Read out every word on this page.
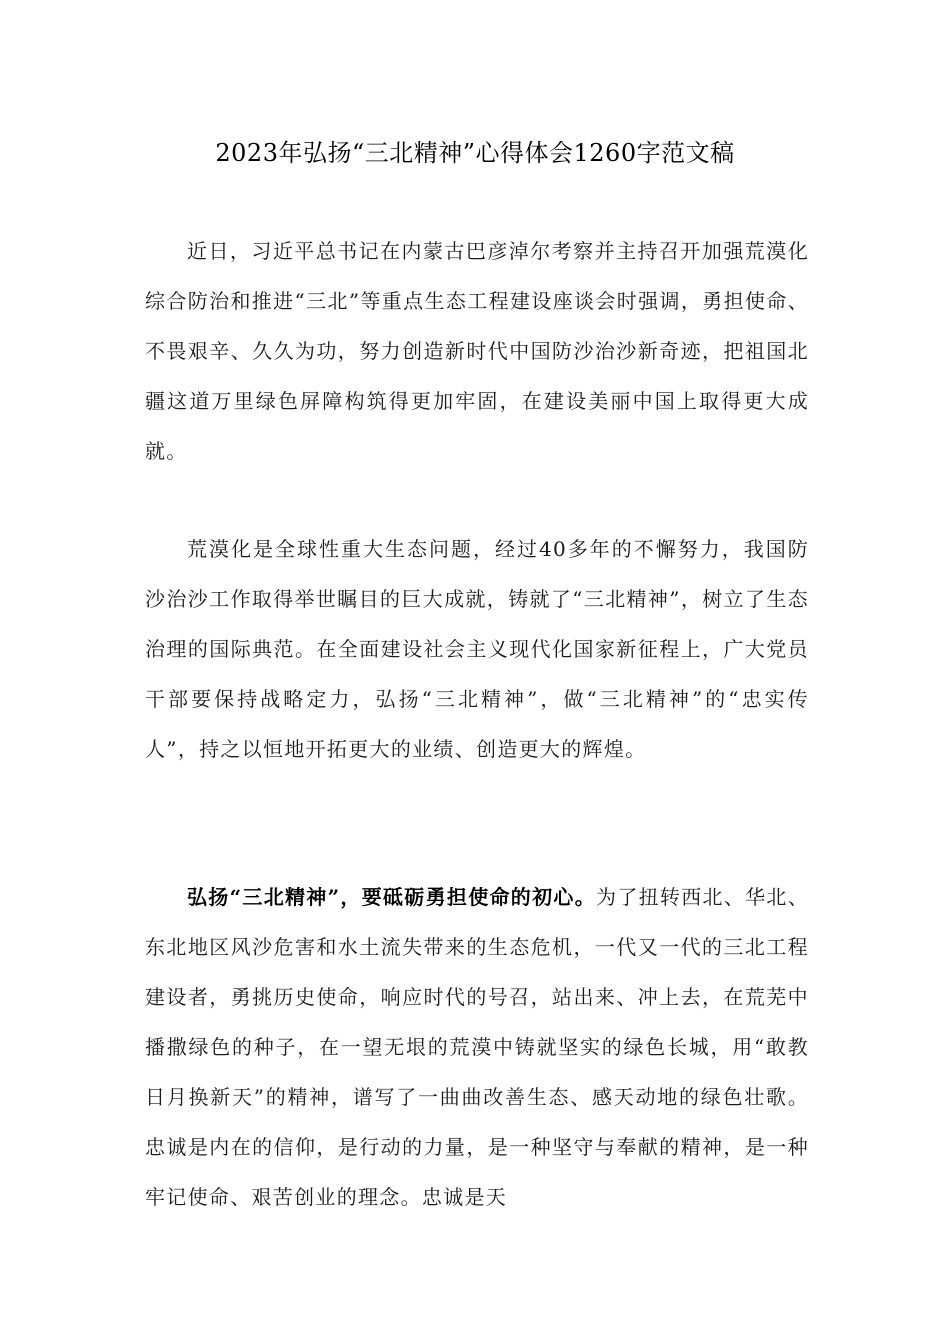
2023年弘扬“三北精神”心得体会1260字范文稿

近日，习近平总书记在内蒙古巴彦淖尔考察并主持召开加强荒漠化综合防治和推进“三北”等重点生态工程建设座谈会时强调，勇担使命、不畏艰辛、久久为功，努力创造新时代中国防沙治沙新奇迹，把祖国北疆这道万里绿色屏障构筑得更加牢固，在建设美丽中国上取得更大成就。

荒漠化是全球性重大生态问题，经过40多年的不懈努力，我国防沙治沙工作取得举世瞩目的巨大成就，铸就了“三北精神”，树立了生态治理的国际典范。在全面建设社会主义现代化国家新征程上，广大党员干部要保持战略定力，弘扬“三北精神”，做“三北精神”的“忠实传人”，持之以恒地开拓更大的业绩、创造更大的辉煌。

弘扬“三北精神”，要砥砺勇担使命的初心。为了扭转西北、华北、东北地区风沙危害和水土流失带来的生态危机，一代又一代的三北工程建设者，勇挑历史使命，响应时代的号召，站出来、冲上去，在荒芜中播撒绿色的种子，在一望无垠的荒漠中铸就坚实的绿色长城，用“敢教日月换新天”的精神，谱写了一曲曲改善生态、感天动地的绿色壮歌。忠诚是内在的信仰，是行动的力量，是一种坚守与奉献的精神，是一种牢记使命、艰苦创业的理念。忠诚是天
